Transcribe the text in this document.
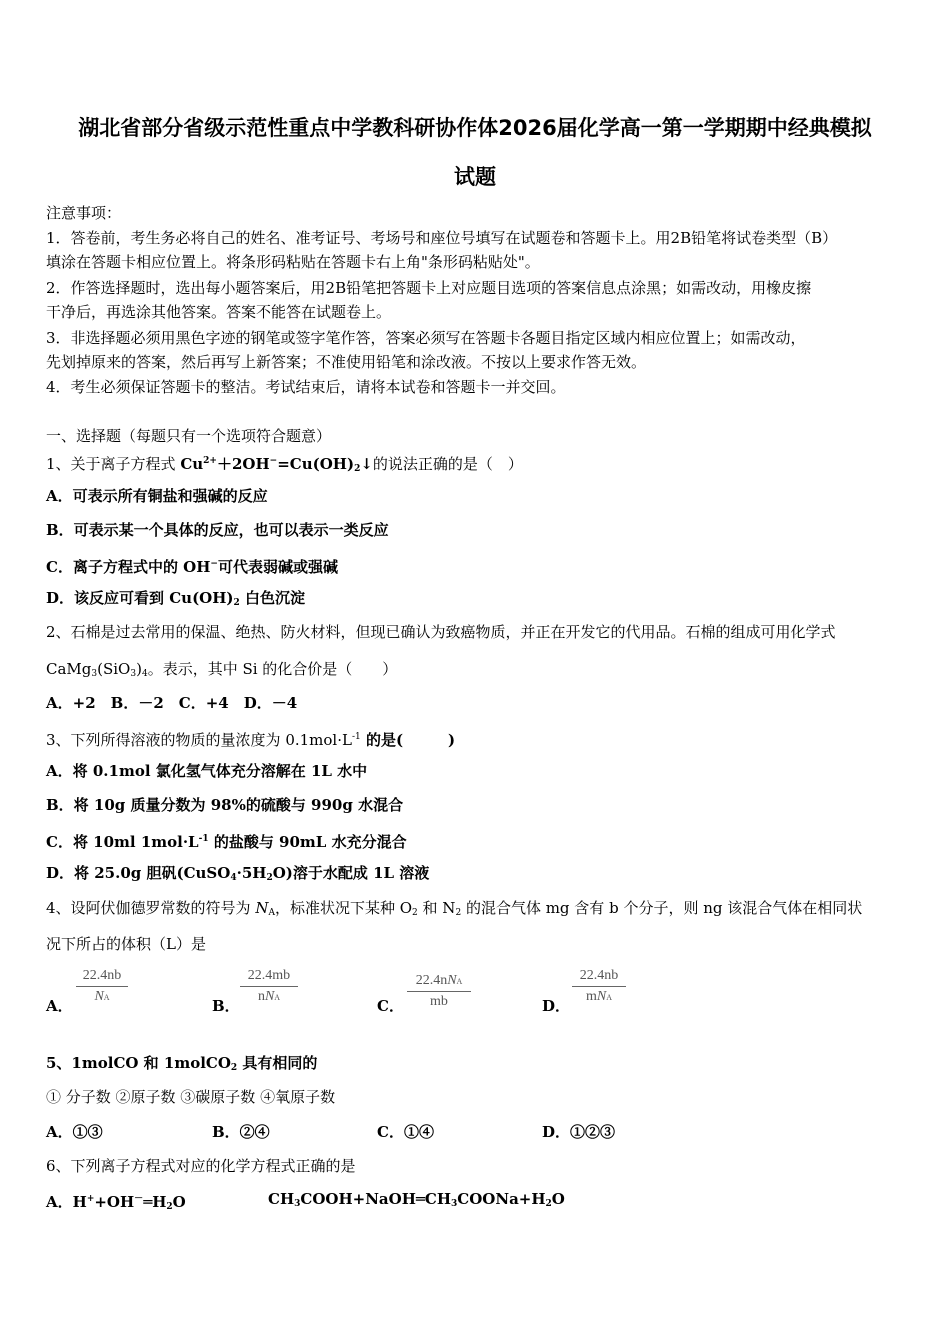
湖北省部分省级示范性重点中学教科研协作体2026届化学高一第一学期期中经典模拟
试题
注意事项：
1．答卷前，考生务必将自己的姓名、准考证号、考场号和座位号填写在试题卷和答题卡上。用2B铅笔将试卷类型（B）
填涂在答题卡相应位置上。将条形码粘贴在答题卡右上角"条形码粘贴处"。
2．作答选择题时，选出每小题答案后，用2B铅笔把答题卡上对应题目选项的答案信息点涂黑；如需改动，用橡皮擦
干净后，再选涂其他答案。答案不能答在试题卷上。
3．非选择题必须用黑色字迹的钢笔或签字笔作答，答案必须写在答题卡各题目指定区域内相应位置上；如需改动，
先划掉原来的答案，然后再写上新答案；不准使用铅笔和涂改液。不按以上要求作答无效。
4．考生必须保证答题卡的整洁。考试结束后，请将本试卷和答题卡一并交回。
一、选择题（每题只有一个选项符合题意）
1、关于离子方程式 $Cu^{2+}+2OH^-=Cu(OH)_2↓$的说法正确的是（　）
A．可表示所有铜盐和强碱的反应
B．可表示某一个具体的反应，也可以表示一类反应
C．离子方程式中的 OH−可代表弱碱或强碱
D．该反应可看到 $Cu(OH)_2$ 白色沉淀
2、石棉是过去常用的保温、绝热、防火材料，但现已确认为致癌物质，并正在开发它的代用品。石棉的组成可用化学式
$CaMg_3(SiO_3)_4$。表示，其中 Si 的化合价是（　　）
A．+2　B．－2　C．+4　D．－4
3、下列所得溶液的物质的量浓度为 $0.1mol\cdot L^{-1}$ 的是(　　　)
A．将 0.1mol 氯化氢气体充分溶解在 1L 水中
B．将 10g 质量分数为 98%的硫酸与 990g 水混合
C．将 10ml $1mol\cdot L^{-1}$ 的盐酸与 90mL 水充分混合
D．将 25.0g 胆矾$(CuSO_4\cdot 5H_2O)$溶于水配成 1L 溶液
4、设阿伏伽德罗常数的符号为 $N_A$，标准状况下某种 $O_2$ 和 $N_2$ 的混合气体 mg 含有 b 个分子，则 ng 该混合气体在相同状
况下所占的体积（L）是
A．
22.4nb
NA	B．
22.4mb
nNA	C．
22.4nNA
mb	D．
22.4nb
mNA
5、1molCO 和 1molCO$_2$ 具有相同的
① 分子数 ②原子数 ③碳原子数 ④氧原子数
A．①③	B．②④	C．①④	D．①②③
6、下列离子方程式对应的化学方程式正确的是
A．$H^++OH^-═H_2O$	$CH_3COOH+NaOH═CH_3COONa+H_2O$
